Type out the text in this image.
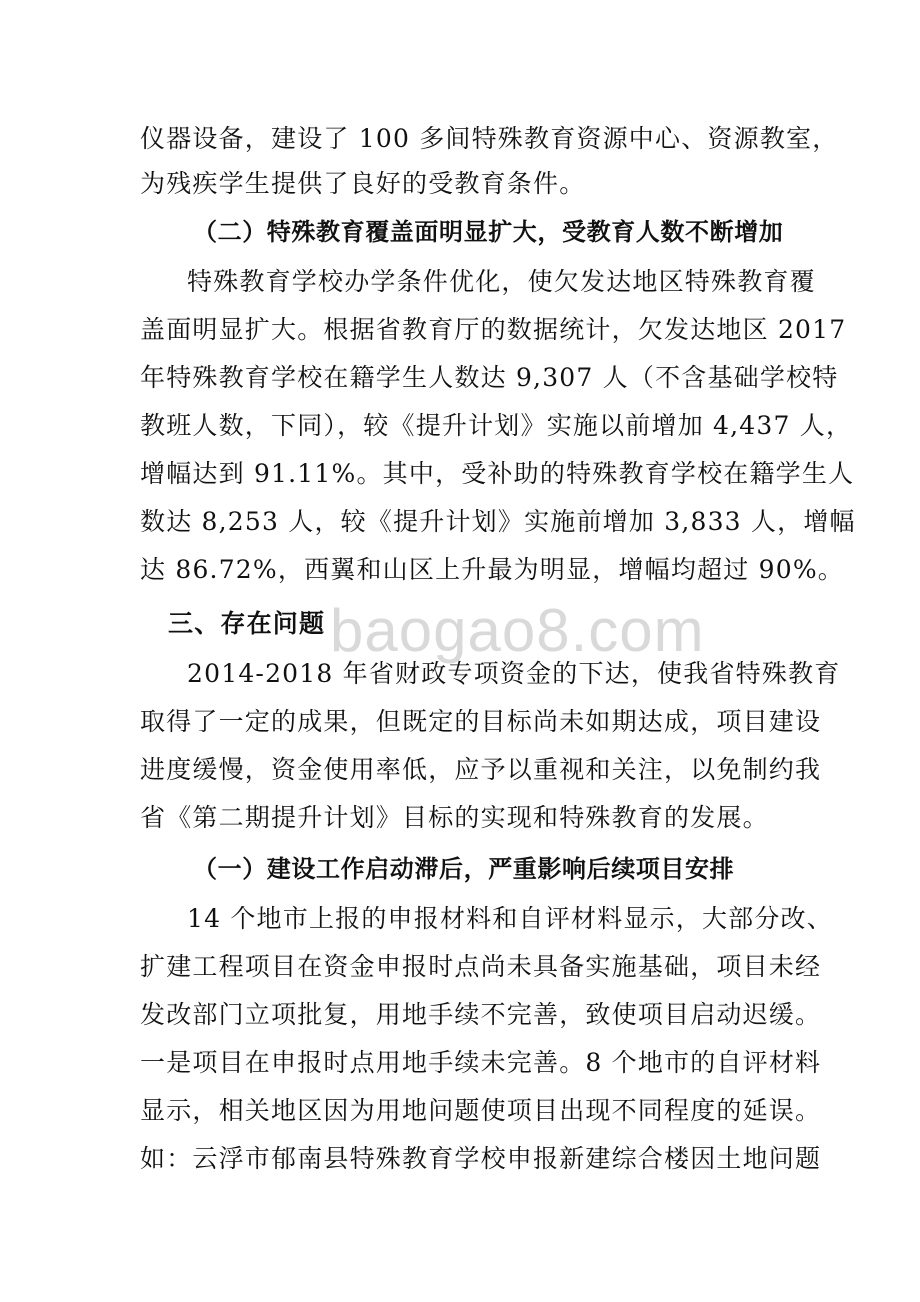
baogao8.com
仪器设备，建设了 100 多间特殊教育资源中心、资源教室，
为残疾学生提供了良好的受教育条件。
（二）特殊教育覆盖面明显扩大，受教育人数不断增加
特殊教育学校办学条件优化，使欠发达地区特殊教育覆
盖面明显扩大。根据省教育厅的数据统计，欠发达地区 2017
年特殊教育学校在籍学生人数达 9,307 人（不含基础学校特
教班人数，下同），较《提升计划》实施以前增加 4,437 人，
增幅达到 91.11%。其中，受补助的特殊教育学校在籍学生人
数达 8,253 人，较《提升计划》实施前增加 3,833 人，增幅
达 86.72%，西翼和山区上升最为明显，增幅均超过 90%。
三、存在问题
2014-2018 年省财政专项资金的下达，使我省特殊教育
取得了一定的成果，但既定的目标尚未如期达成，项目建设
进度缓慢，资金使用率低，应予以重视和关注，以免制约我
省《第二期提升计划》目标的实现和特殊教育的发展。
（一）建设工作启动滞后，严重影响后续项目安排
14 个地市上报的申报材料和自评材料显示，大部分改、
扩建工程项目在资金申报时点尚未具备实施基础，项目未经
发改部门立项批复，用地手续不完善，致使项目启动迟缓。
一是项目在申报时点用地手续未完善。8 个地市的自评材料
显示，相关地区因为用地问题使项目出现不同程度的延误。
如：云浮市郁南县特殊教育学校申报新建综合楼因土地问题
